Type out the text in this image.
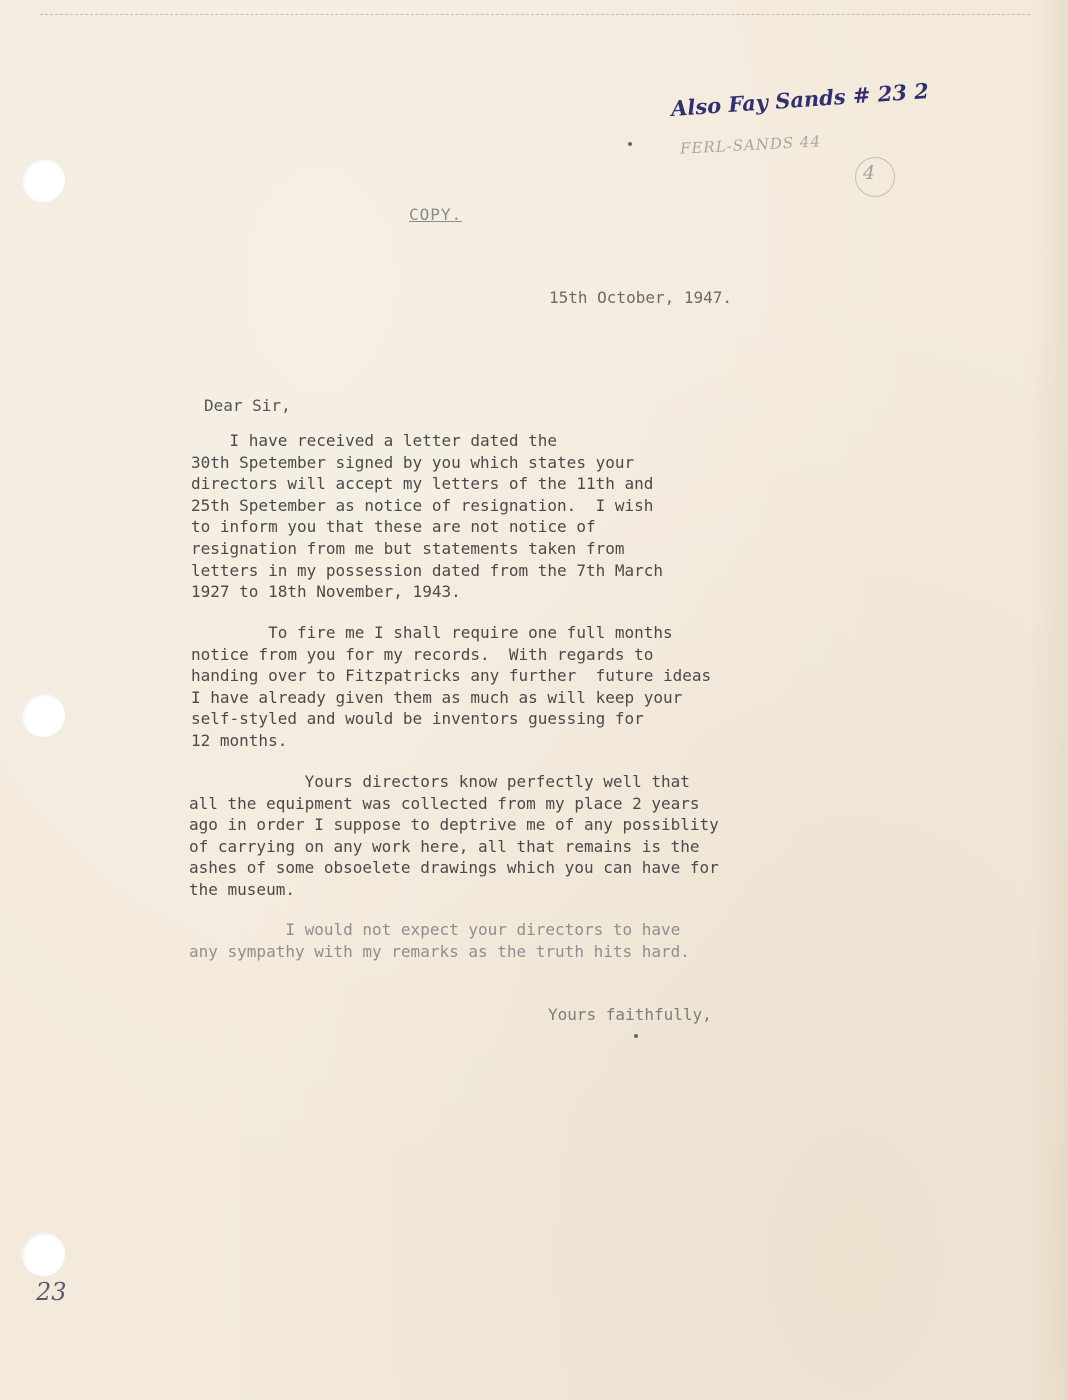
Also Fay Sands # 23 2
FERL-SANDS 44
4
23
COPY.
15th October, 1947.
Dear Sir,

I have received a letter dated the
30th Spetember signed by you which states your
directors will accept my letters of the 11th and
25th Spetember as notice of resignation.  I wish
to inform you that these are not notice of
resignation from me but statements taken from
letters in my possession dated from the 7th March
1927 to 18th November, 1943.

To fire me I shall require one full months
notice from you for my records.  With regards to
handing over to Fitzpatricks any further  future ideas
I have already given them as much as will keep your
self-styled and would be inventors guessing for
12 months.

Yours directors know perfectly well that
all the equipment was collected from my place 2 years
ago in order I suppose to deptrive me of any possiblity
of carrying on any work here, all that remains is the
ashes of some obsoelete drawings which you can have for
the museum.

I would not expect your directors to have
any sympathy with my remarks as the truth hits hard.

Yours faithfully,
